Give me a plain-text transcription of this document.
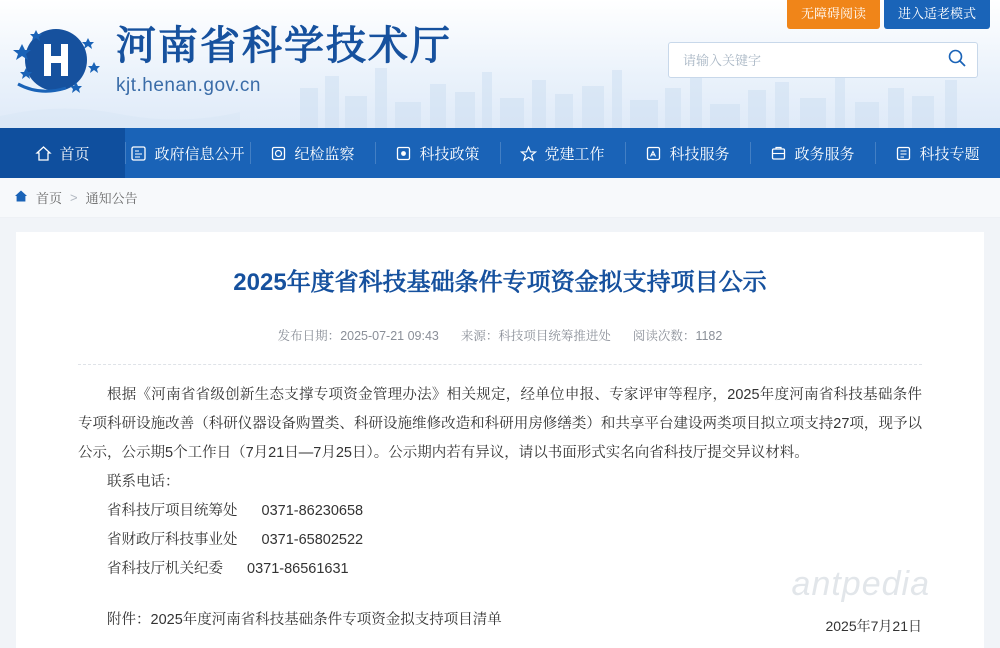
无障碍阅读	进入适老模式
河南省科学技术厅
kjt.henan.gov.cn
请输入关键字
首页	政府信息公开	纪检监察	科技政策	党建工作	科技服务	政务服务	科技专题
首页 > 通知公告
2025年度省科技基础条件专项资金拟支持项目公示
发布日期：2025-07-21 09:43 来源：科技项目统筹推进处 阅读次数：1182

根据《河南省省级创新生态支撑专项资金管理办法》相关规定，经单位申报、专家评审等程序，2025年度河南省科技基础条件专项科研设施改善（科研仪器设备购置类、科研设施维修改造和科研用房修缮类）和共享平台建设两类项目拟立项支持27项，现予以公示，公示期5个工作日（7月21日—7月25日）。公示期内若有异议，请以书面形式实名向省科技厅提交异议材料。

联系电话：

省科技厅项目统筹处 0371-86230658

省财政厅科技事业处 0371-65802522

省科技厅机关纪委 0371-86561631

附件：2025年度河南省科技基础条件专项资金拟支持项目清单

antpedia
2025年7月21日
